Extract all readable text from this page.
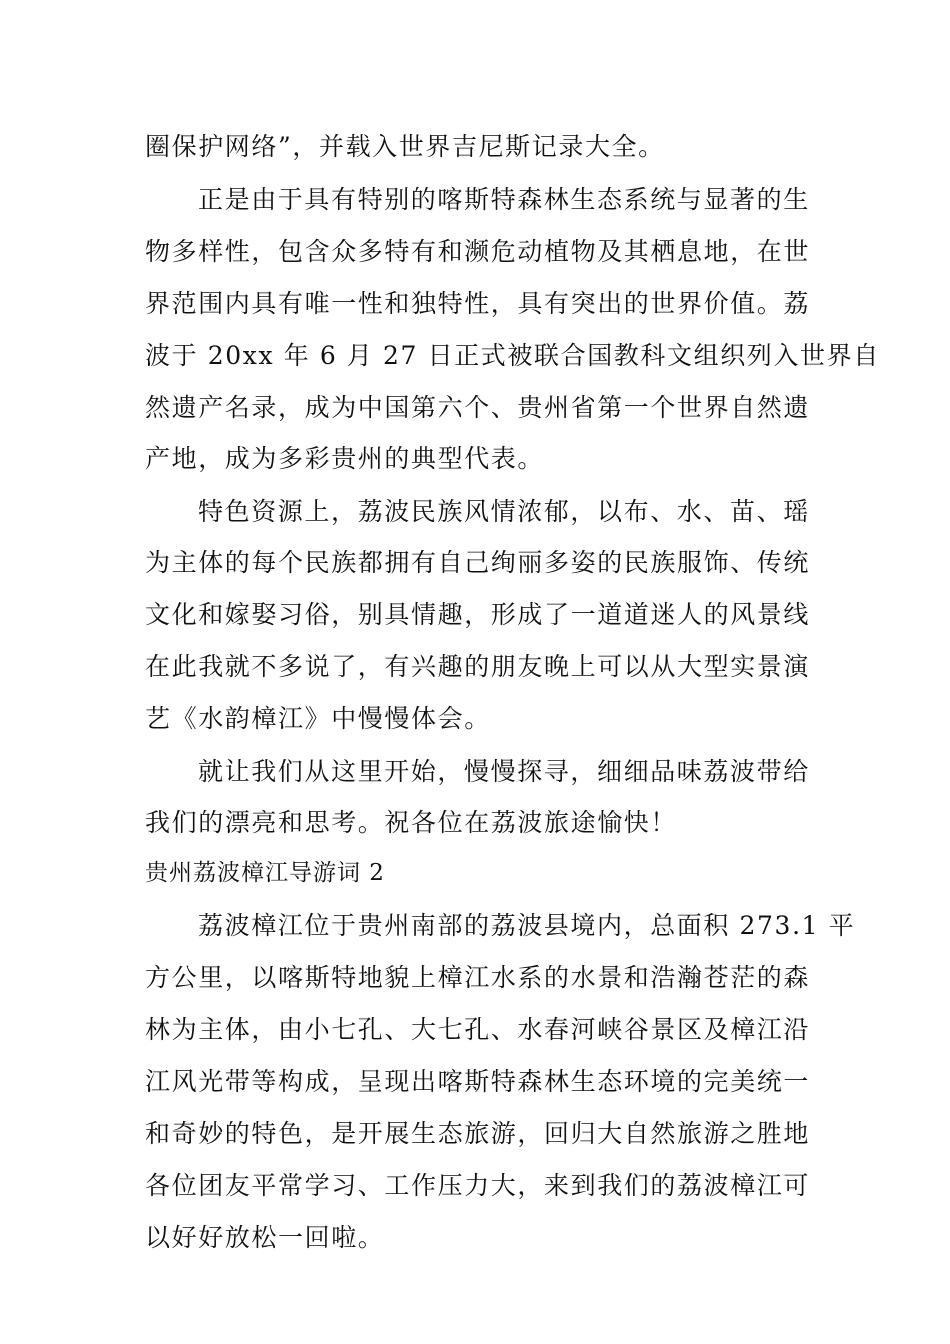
圈保护网络”，并载入世界吉尼斯记录大全。
正是由于具有特别的喀斯特森林生态系统与显著的生
物多样性，包含众多特有和濒危动植物及其栖息地，在世
界范围内具有唯一性和独特性，具有突出的世界价值。荔
波于 20xx 年 6 月 27 日正式被联合国教科文组织列入世界自
然遗产名录，成为中国第六个、贵州省第一个世界自然遗
产地，成为多彩贵州的典型代表。
特色资源上，荔波民族风情浓郁，以布、水、苗、瑶
为主体的每个民族都拥有自己绚丽多姿的民族服饰、传统
文化和嫁娶习俗，别具情趣，形成了一道道迷人的风景线
在此我就不多说了，有兴趣的朋友晚上可以从大型实景演
艺《水韵樟江》中慢慢体会。
就让我们从这里开始，慢慢探寻，细细品味荔波带给
我们的漂亮和思考。祝各位在荔波旅途愉快！
贵州荔波樟江导游词 2
荔波樟江位于贵州南部的荔波县境内，总面积 273.1 平
方公里，以喀斯特地貌上樟江水系的水景和浩瀚苍茫的森
林为主体，由小七孔、大七孔、水春河峡谷景区及樟江沿
江风光带等构成，呈现出喀斯特森林生态环境的完美统一
和奇妙的特色，是开展生态旅游，回归大自然旅游之胜地
各位团友平常学习、工作压力大，来到我们的荔波樟江可
以好好放松一回啦。
